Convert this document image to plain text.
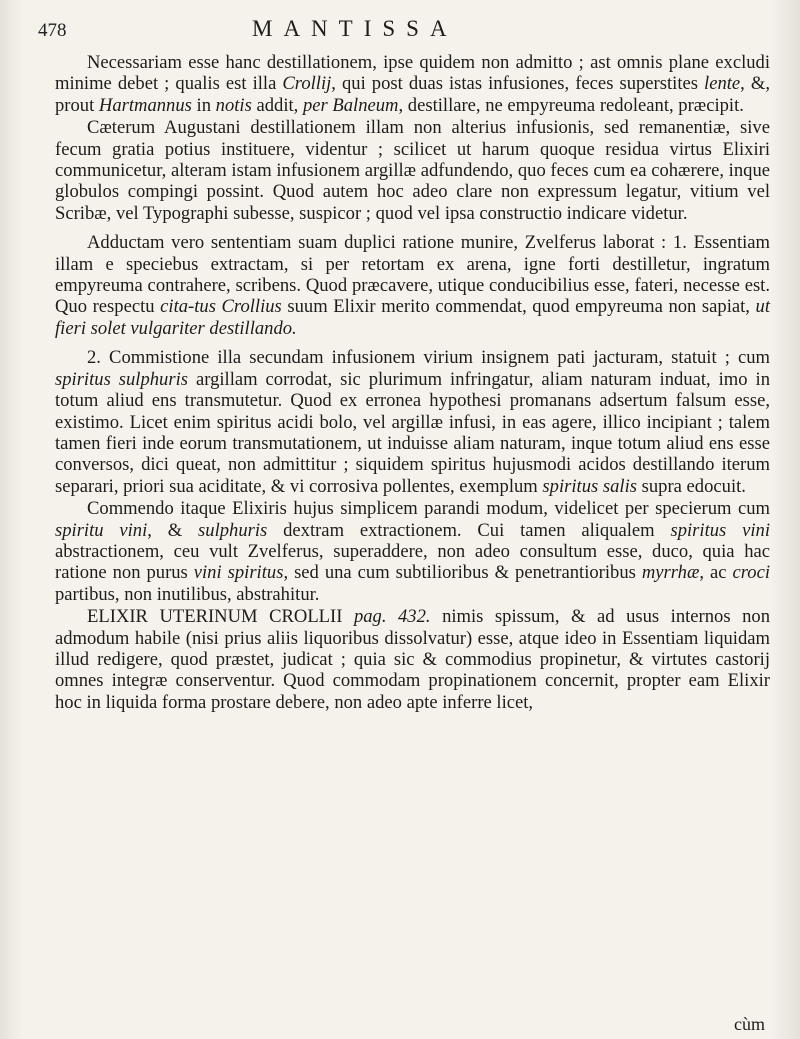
478	MANTISSA

Necessariam esse hanc destillationem, ipse quidem non admitto ; ast omnis plane excludi minime debet ; qualis est illa Crollij, qui post duas istas infusiones, feces superstites lente, &, prout Hartmannus in notis addit, per Balneum, destillare, ne empyreuma redoleant, præcipit.

Cæterum Augustani destillationem illam non alterius infusionis, sed remanentiæ, sive fecum gratia potius instituere, videntur ; scilicet ut harum quoque residua virtus Elixiri communicetur, alteram istam infusionem argillæ adfundendo, quo feces cum ea cohærere, inque globulos compingi possint. Quod autem hoc adeo clare non expressum legatur, vitium vel Scribæ, vel Typographi subesse, suspicor ; quod vel ipsa constructio indicare videtur.

Adductam vero sententiam suam duplici ratione munire, Zvelferus laborat : 1. Essentiam illam e speciebus extractam, si per retortam ex arena, igne forti destilletur, ingratum empyreuma contrahere, scribens. Quod præcavere, utique conducibilius esse, fateri, necesse est. Quo respectu cita-tus Crollius suum Elixir merito commendat, quod empyreuma non sapiat, ut fieri solet vulgariter destillando.

2. Commistione illa secundam infusionem virium insignem pati jacturam, statuit ; cum spiritus sulphuris argillam corrodat, sic plurimum infringatur, aliam naturam induat, imo in totum aliud ens transmutetur. Quod ex erronea hypothesi promanans adsertum falsum esse, existimo. Licet enim spiritus acidi bolo, vel argillæ infusi, in eas agere, illico incipiant ; talem tamen fieri inde eorum transmutationem, ut induisse aliam naturam, inque totum aliud ens esse conversos, dici queat, non admittitur ; siquidem spiritus hujusmodi acidos destillando iterum separari, priori sua aciditate, & vi corrosiva pollentes, exemplum spiritus salis supra edocuit.

Commendo itaque Elixiris hujus simplicem parandi modum, videlicet per specierum cum spiritu vini, & sulphuris dextram extractionem. Cui tamen aliqualem spiritus vini abstractionem, ceu vult Zvelferus, superaddere, non adeo consultum esse, duco, quia hac ratione non purus vini spiritus, sed una cum subtilioribus & penetrantioribus myrrhæ, ac croci partibus, non inutilibus, abstrahitur.

ELIXIR UTERINUM CROLLII pag. 432. nimis spissum, & ad usus internos non admodum habile (nisi prius aliis liquoribus dissolvatur) esse, atque ideo in Essentiam liquidam illud redigere, quod præstet, judicat ; quia sic & commodius propinetur, & virtutes castorij omnes integræ conserventur. Quod commodam propinationem concernit, propter eam Elixir hoc in liquida forma prostare debere, non adeo apte inferre licet,

cùm
